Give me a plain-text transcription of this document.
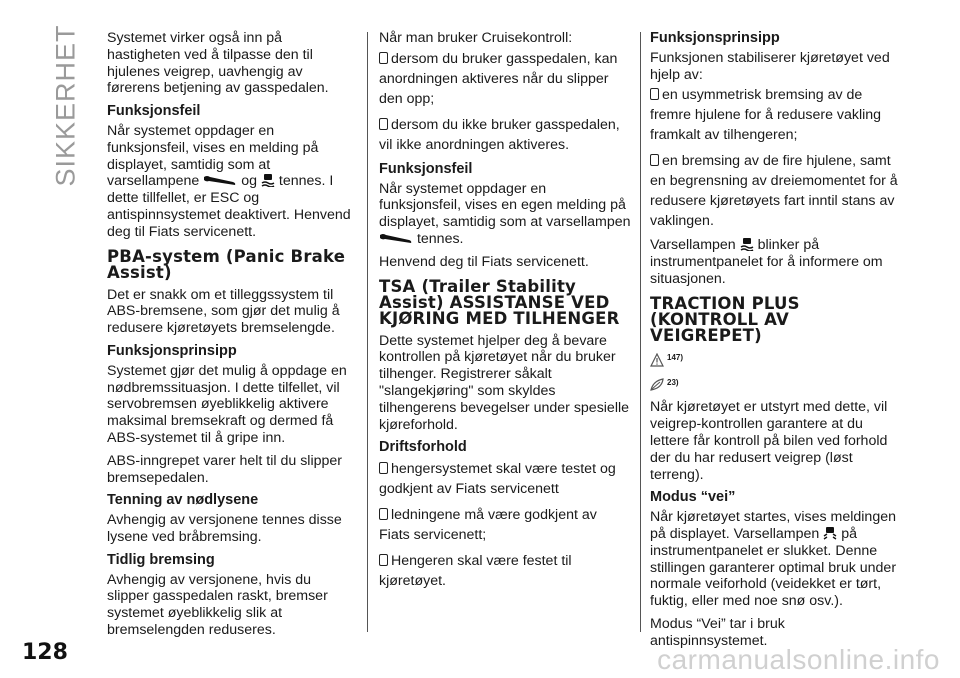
SIKKERHET Systemet virker også inn på hastigheten ved å tilpasse den til hjulenes veigrep, uavhengig av førerens betjening av gasspedalen.

Funksjonsfeil

Når systemet oppdager en funksjonsfeil, vises en melding på displayet, samtidig som at varsellampene	og tennes. I dette tillfellet, er ESC og antispinnsystemet deaktivert. Henvend deg til Fiats servicenett.

PBA-system (Panic Brake Assist)

Det er snakk om et tilleggssystem til ABS-bremsene, som gjør det mulig å redusere kjøretøyets bremselengde.

Funksjonsprinsipp

Systemet gjør det mulig å oppdage en nødbremssituasjon. I dette tilfellet, vil servobremsen øyeblikkelig aktivere maksimal bremsekraft og dermed få ABS-systemet til å gripe inn.

ABS-inngrepet varer helt til du slipper bremsepedalen.

Tenning av nødlysene

Avhengig av versjonene tennes disse lysene ved bråbremsing.

Tidlig bremsing

Avhengig av versjonene, hvis du slipper gasspedalen raskt, bremser systemet øyeblikkelig slik at bremselengden reduseres.

Når man bruker Cruisekontroll:

dersom du bruker gasspedalen, kan anordningen aktiveres når du slipper den opp;

dersom du ikke bruker gasspedalen, vil ikke anordningen aktiveres.

Funksjonsfeil

Når systemet oppdager en funksjonsfeil, vises en egen melding på displayet, samtidig som at varsellampen  tennes.

Henvend deg til Fiats servicenett.

TSA (Trailer Stability Assist) ASSISTANSE VED KJØRING MED TILHENGER

Dette systemet hjelper deg å bevare kontrollen på kjøretøyet når du bruker tilhenger. Registrerer såkalt "slangekjøring" som skyldes tilhengerens bevegelser under spesielle kjøreforhold.

Driftsforhold

hengersystemet skal være testet og godkjent av Fiats servicenett

ledningene må være godkjent av Fiats servicenett;

Hengeren skal være festet til kjøretøyet.

Funksjonsprinsipp

Funksjonen stabiliserer kjøretøyet ved hjelp av:

en usymmetrisk bremsing av de fremre hjulene for å redusere vakling framkalt av tilhengeren;

en bremsing av de fire hjulene, samt en begrensning av dreiemomentet for å redusere kjøretøyets fart inntil stans av vaklingen.

Varsellampen blinker på instrumentpanelet for å informere om situasjonen.

TRACTION PLUS (KONTROLL AV VEIGREPET)
147)
23)

Når kjøretøyet er utstyrt med dette, vil veigrep-kontrollen garantere at du lettere får kontroll på bilen ved forhold der du har redusert veigrep (løst terreng).

Modus “vei”

Når kjøretøyet startes, vises meldingen på displayet. Varsellampen på instrumentpanelet er slukket. Denne stillingen garanterer optimal bruk under normale veiforhold (veidekket er tørt, fuktig, eller med noe snø osv.).

Modus “Vei” tar i bruk antispinnsystemet.

128	carmanualsonline.info
